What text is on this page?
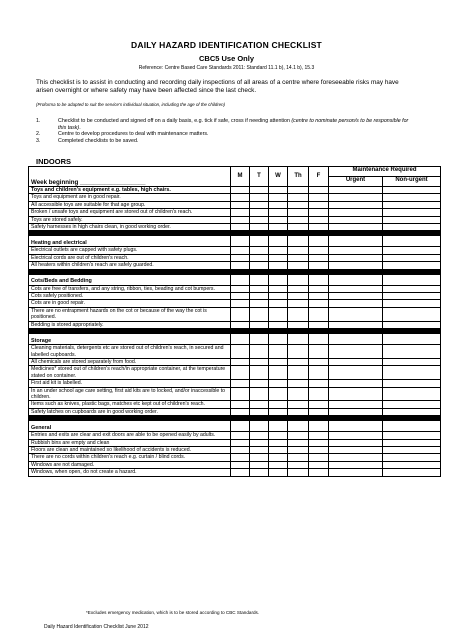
DAILY HAZARD IDENTIFICATION CHECKLIST
CBC5 Use Only
Reference: Centre Based Care Standards 2011: Standard 11.1 b), 14.1 b), 15.3
This checklist is to assist in conducting and recording daily inspections of all areas of a centre where foreseeable risks may have arisen overnight or where safety may have been affected since the last check.
(Proforma to be adapted to suit the service's individual situation, including the age of the children)
1.	Checklist to be conducted and signed off on a daily basis, e.g. tick if safe, cross if needing attention (centre to nominate person/s to be responsible for this task).
2.	Centre to develop procedures to deal with maintenance matters.
3.	Completed checklists to be saved.
INDOORS
Week beginning ___________________	M	T	W	Th	F	Maintenance Required	
						Urgent	Non-urgent
Toys and children's equipment e.g. tables, high chairs.							
Toys and equipment are in good repair.							
All accessible toys are suitable for that age group.							
Broken / unsafe toys and equipment are stored out of children's reach.							
Toys are stored safely.							
Safety harnesses in high chairs clean, in good working order.							

Heating and electrical							
Electrical outlets are capped with safety plugs.							
Electrical cords are out of children's reach.							
All heaters within children's reach are safely guarded.							

Cots/Beds and Bedding							
Cots are free of transfers, and any string, ribbon, ties, beading and cot bumpers.							
Cots safely positioned.							
Cots are in good repair.							
There are no entrapment hazards on the cot or because of the way the cot is positioned.							
Bedding is stored appropriately.							

Storage							
Cleaning materials, detergents etc are stored out of children's reach, in secured and labelled cupboards.							
All chemicals are stored separately from food.							
Medicines* stored out of children's reach/in appropriate container, at the temperature stated on container.							
First aid kit is labelled.							
In an under school age care setting, first aid kits are to locked, and/or inaccessible to children.							
Items such as knives, plastic bags, matches etc kept out of children's reach.							
Safety latches on cupboards are in good working order.							

General							
Entries and exits are clear and exit doors are able to be opened easily by adults.							
Rubbish bins are empty and clean							
Floors are clean and maintained so likelihood of accidents is reduced.							
There are no cords within children's reach e.g. curtain / blind cords.							
Windows are not damaged.							
Windows, when open, do not create a hazard.							
*Excludes emergency medication, which is to be stored according to CBC Standards.
Daily Hazard Identification Checklist June 2012
